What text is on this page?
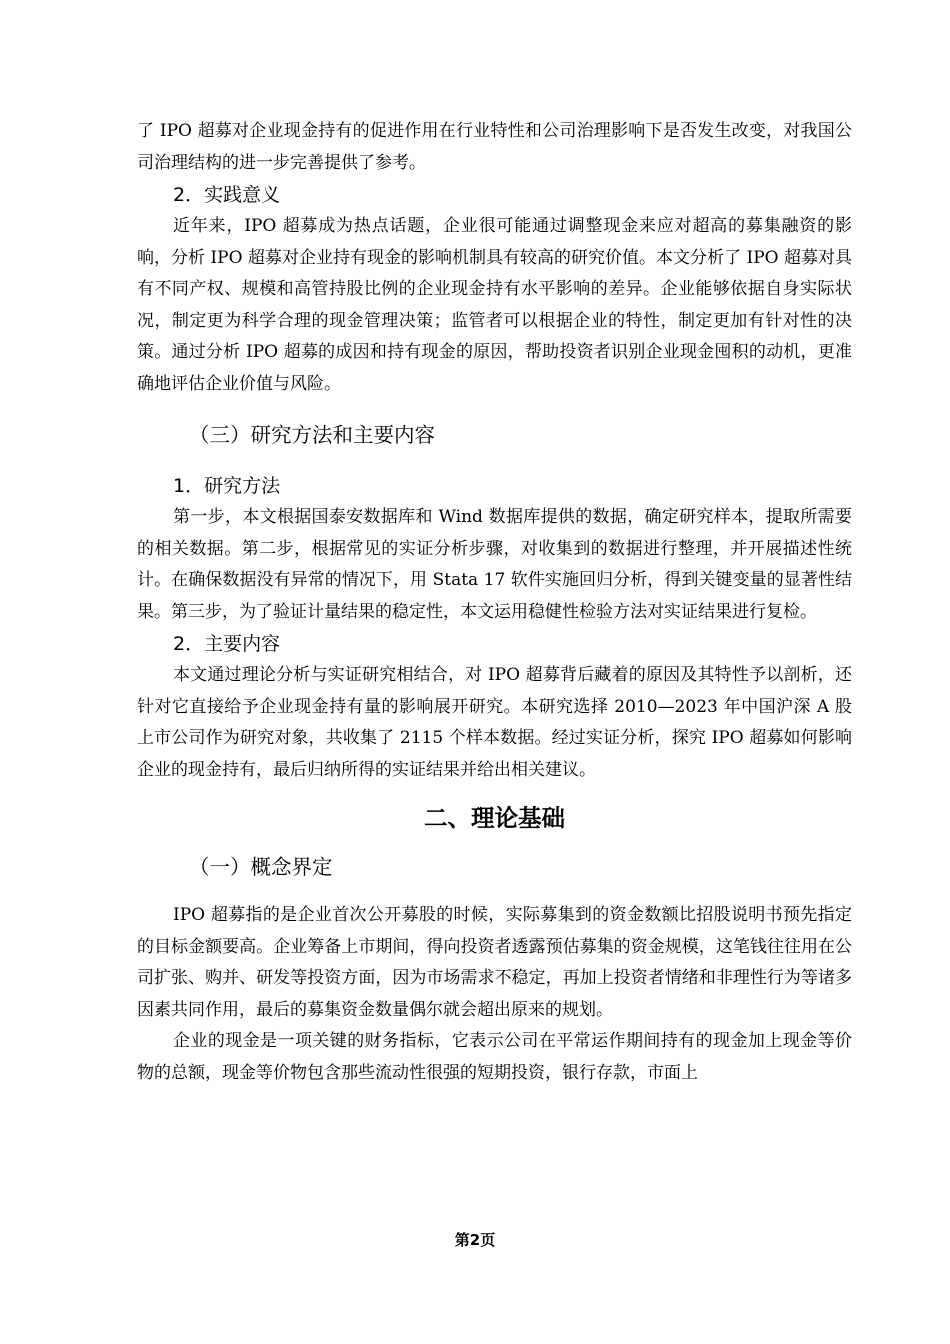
了 IPO 超募对企业现金持有的促进作用在行业特性和公司治理影响下是否发生改变，对我国公司治理结构的进一步完善提供了参考。

2．实践意义

近年来，IPO 超募成为热点话题，企业很可能通过调整现金来应对超高的募集融资的影响，分析 IPO 超募对企业持有现金的影响机制具有较高的研究价值。本文分析了 IPO 超募对具有不同产权、规模和高管持股比例的企业现金持有水平影响的差异。企业能够依据自身实际状况，制定更为科学合理的现金管理决策；监管者可以根据企业的特性，制定更加有针对性的决策。通过分析 IPO 超募的成因和持有现金的原因，帮助投资者识别企业现金囤积的动机，更准确地评估企业价值与风险。

（三）研究方法和主要内容
1．研究方法

第一步，本文根据国泰安数据库和 Wind 数据库提供的数据，确定研究样本，提取所需要的相关数据。第二步，根据常见的实证分析步骤，对收集到的数据进行整理，并开展描述性统计。在确保数据没有异常的情况下，用 Stata 17 软件实施回归分析，得到关键变量的显著性结果。第三步，为了验证计量结果的稳定性，本文运用稳健性检验方法对实证结果进行复检。

2．主要内容

本文通过理论分析与实证研究相结合，对 IPO 超募背后藏着的原因及其特性予以剖析，还针对它直接给予企业现金持有量的影响展开研究。本研究选择 2010—2023 年中国沪深 A 股上市公司作为研究对象，共收集了 2115 个样本数据。经过实证分析，探究 IPO 超募如何影响企业的现金持有，最后归纳所得的实证结果并给出相关建议。

二、理论基础
（一）概念界定

IPO 超募指的是企业首次公开募股的时候，实际募集到的资金数额比招股说明书预先指定的目标金额要高。企业筹备上市期间，得向投资者透露预估募集的资金规模，这笔钱往往用在公司扩张、购并、研发等投资方面，因为市场需求不稳定，再加上投资者情绪和非理性行为等诸多因素共同作用，最后的募集资金数量偶尔就会超出原来的规划。

企业的现金是一项关键的财务指标，它表示公司在平常运作期间持有的现金加上现金等价物的总额，现金等价物包含那些流动性很强的短期投资，银行存款，市面上

第2页
